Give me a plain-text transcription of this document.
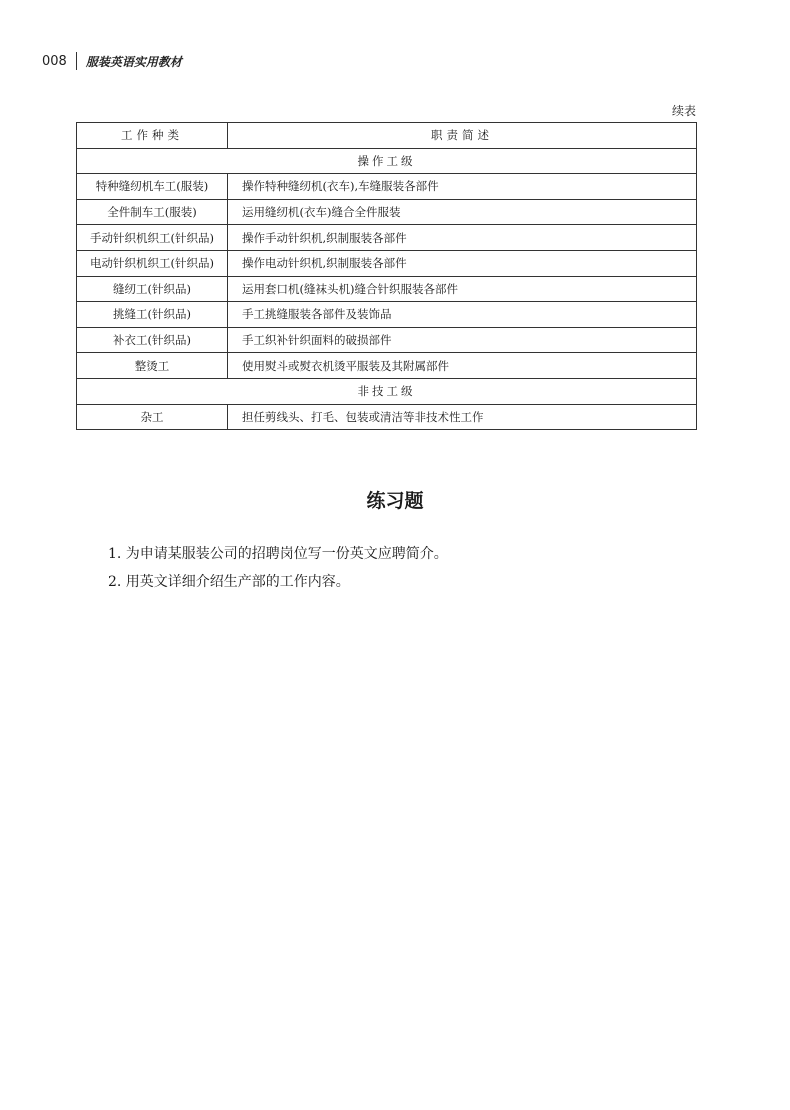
008 服装英语实用教材
续表
工作种类	职责简述
操作工级	
特种缝纫机车工(服装)	操作特种缝纫机(衣车),车缝服装各部件
全件制车工(服装)	运用缝纫机(衣车)缝合全件服装
手动针织机织工(针织品)	操作手动针织机,织制服装各部件
电动针织机织工(针织品)	操作电动针织机,织制服装各部件
缝纫工(针织品)	运用套口机(缝袜头机)缝合针织服装各部件
挑缝工(针织品)	手工挑缝服装各部件及装饰品
补衣工(针织品)	手工织补针织面料的破损部件
整烫工	使用熨斗或熨衣机烫平服装及其附属部件
非技工级	
杂工	担任剪线头、打毛、包装或清洁等非技术性工作
练习题
1. 为申请某服装公司的招聘岗位写一份英文应聘简介。
2. 用英文详细介绍生产部的工作内容。
